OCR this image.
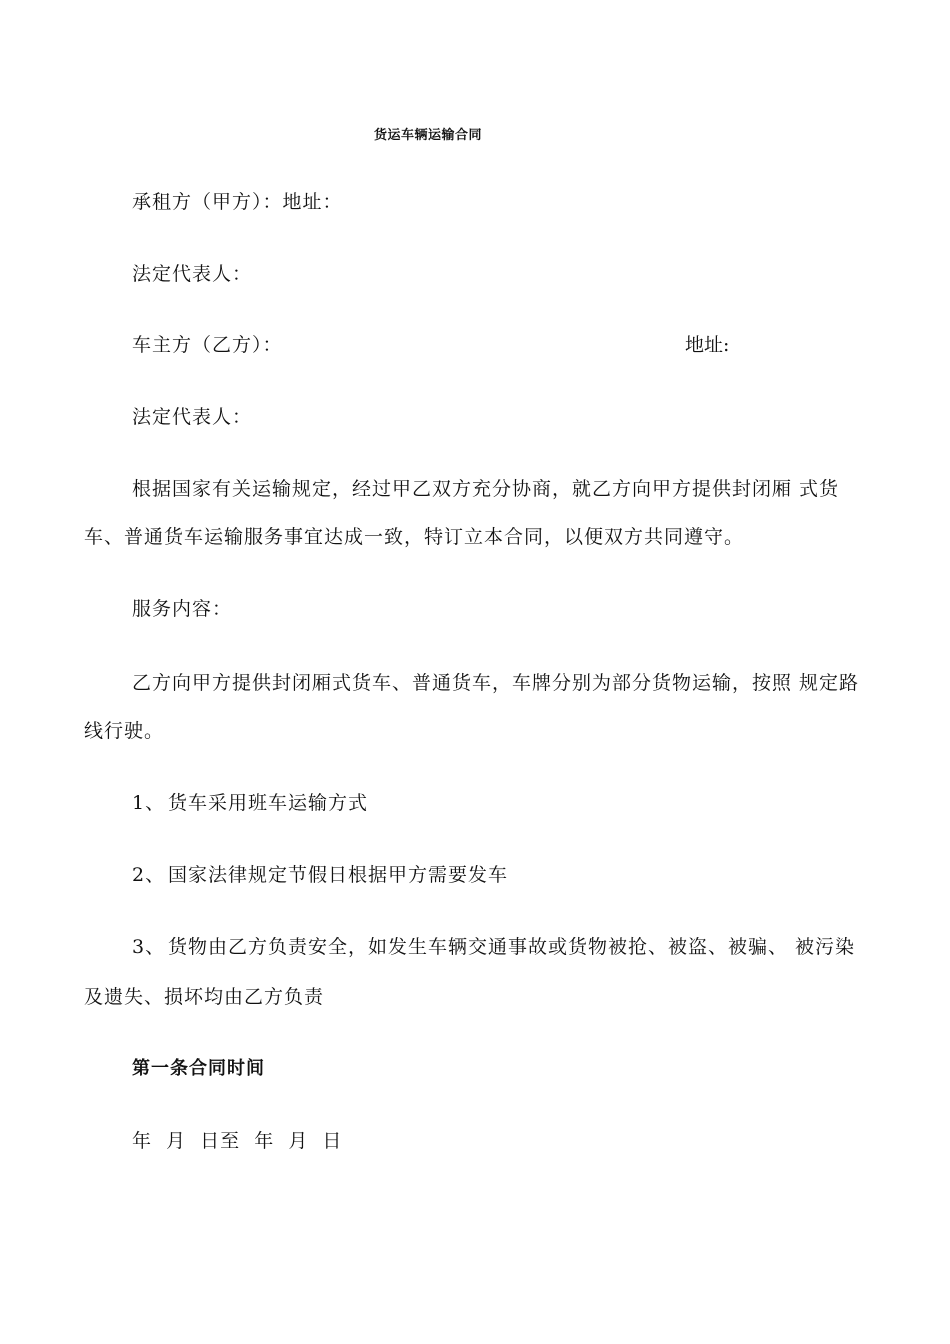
货运车辆运输合同
承租方（甲方）：地址：
法定代表人：
车主方（乙方）：	地址:
法定代表人：
根据国家有关运输规定，经过甲乙双方充分协商，就乙方向甲方提供封闭厢 式货
车、普通货车运输服务事宜达成一致，特订立本合同，以便双方共同遵守。
服务内容：
乙方向甲方提供封闭厢式货车、普通货车，车牌分别为部分货物运输，按照 规定路
线行驶。
1、 货车采用班车运输方式
2、 国家法律规定节假日根据甲方需要发车
3、 货物由乙方负责安全，如发生车辆交通事故或货物被抢、被盗、被骗、 被污染
及遗失、损坏均由乙方负责
第一条合同时间
年  月  日至  年  月  日
